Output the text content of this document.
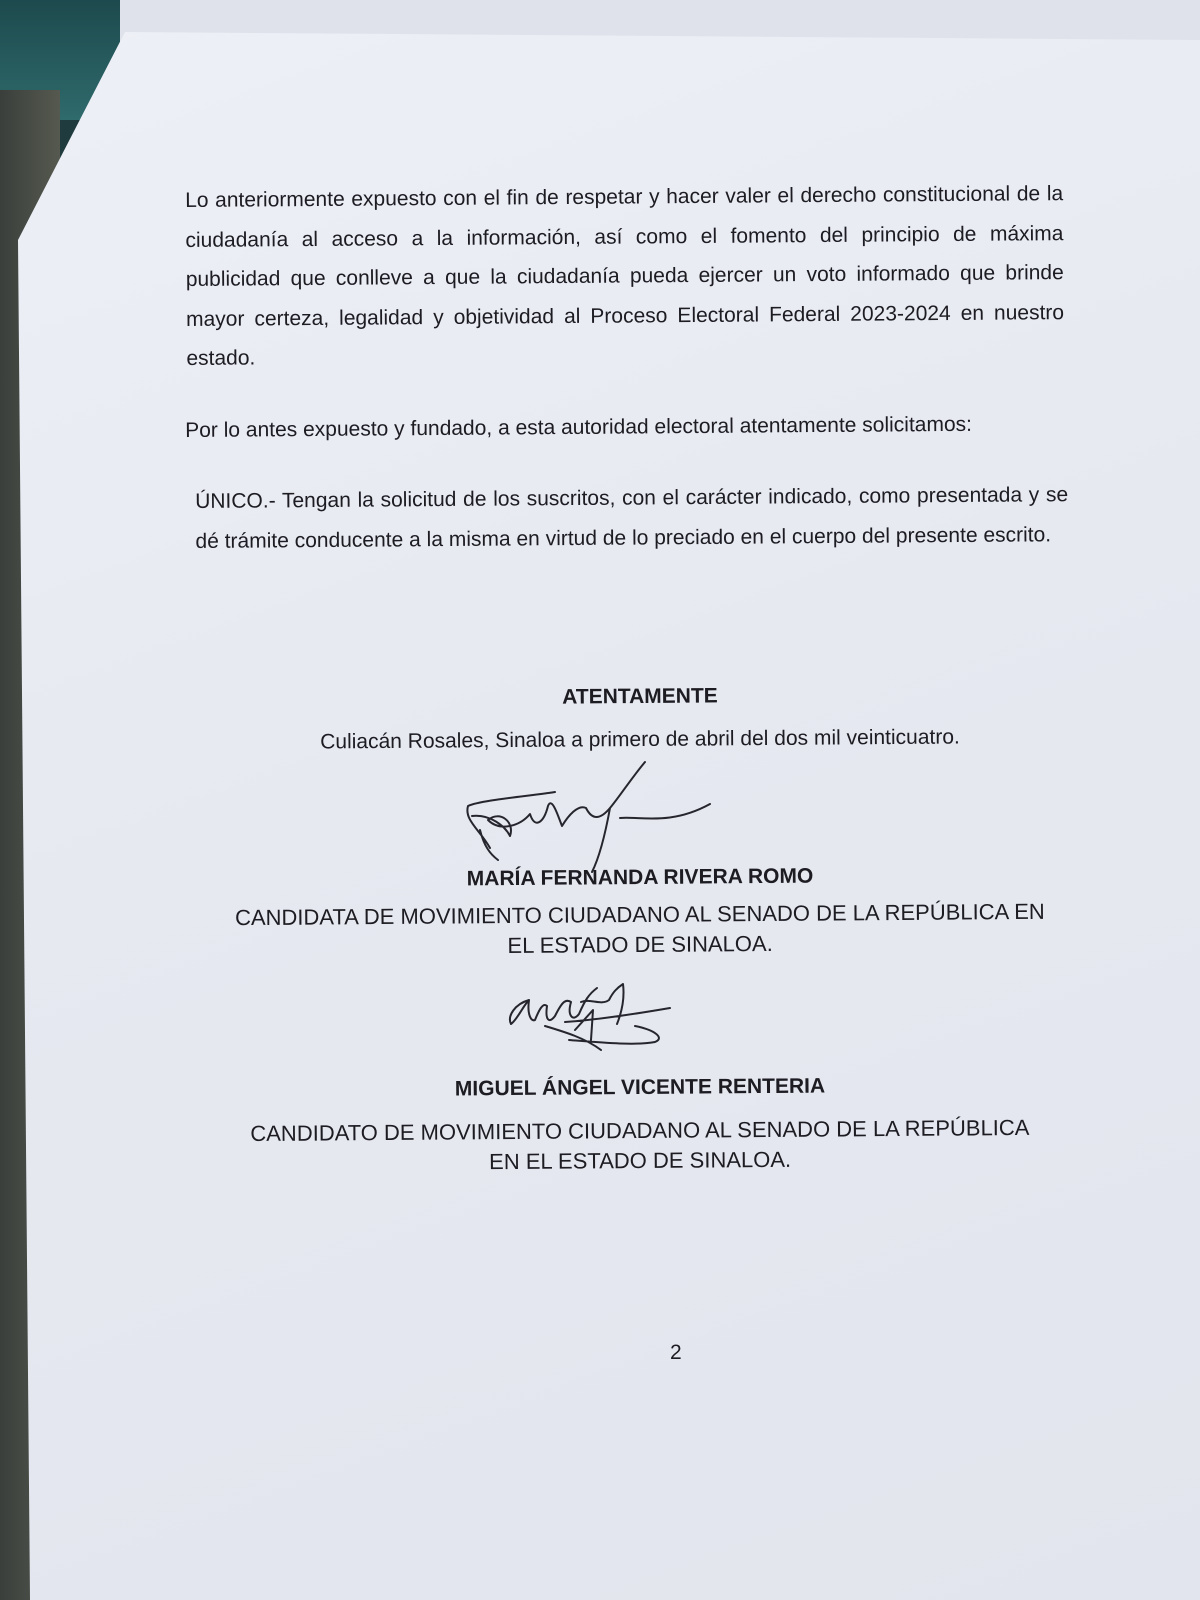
Lo anteriormente expuesto con el fin de respetar y hacer valer el derecho constitucional de la ciudadanía al acceso a la información, así como el fomento del principio de máxima publicidad que conlleve a que la ciudadanía pueda ejercer un voto informado que brinde mayor certeza, legalidad y objetividad al Proceso Electoral Federal 2023-2024 en nuestro estado.
Por lo antes expuesto y fundado, a esta autoridad electoral atentamente solicitamos:
ÚNICO.- Tengan la solicitud de los suscritos, con el carácter indicado, como presentada y se dé trámite conducente a la misma en virtud de lo preciado en el cuerpo del presente escrito.
ATENTAMENTE
Culiacán Rosales, Sinaloa a primero de abril del dos mil veinticuatro.
MARÍA FERNANDA RIVERA ROMO
CANDIDATA DE MOVIMIENTO CIUDADANO AL SENADO DE LA REPÚBLICA EN
EL ESTADO DE SINALOA.
MIGUEL ÁNGEL VICENTE RENTERIA
CANDIDATO DE MOVIMIENTO CIUDADANO AL SENADO DE LA REPÚBLICA
EN EL ESTADO DE SINALOA.
2
